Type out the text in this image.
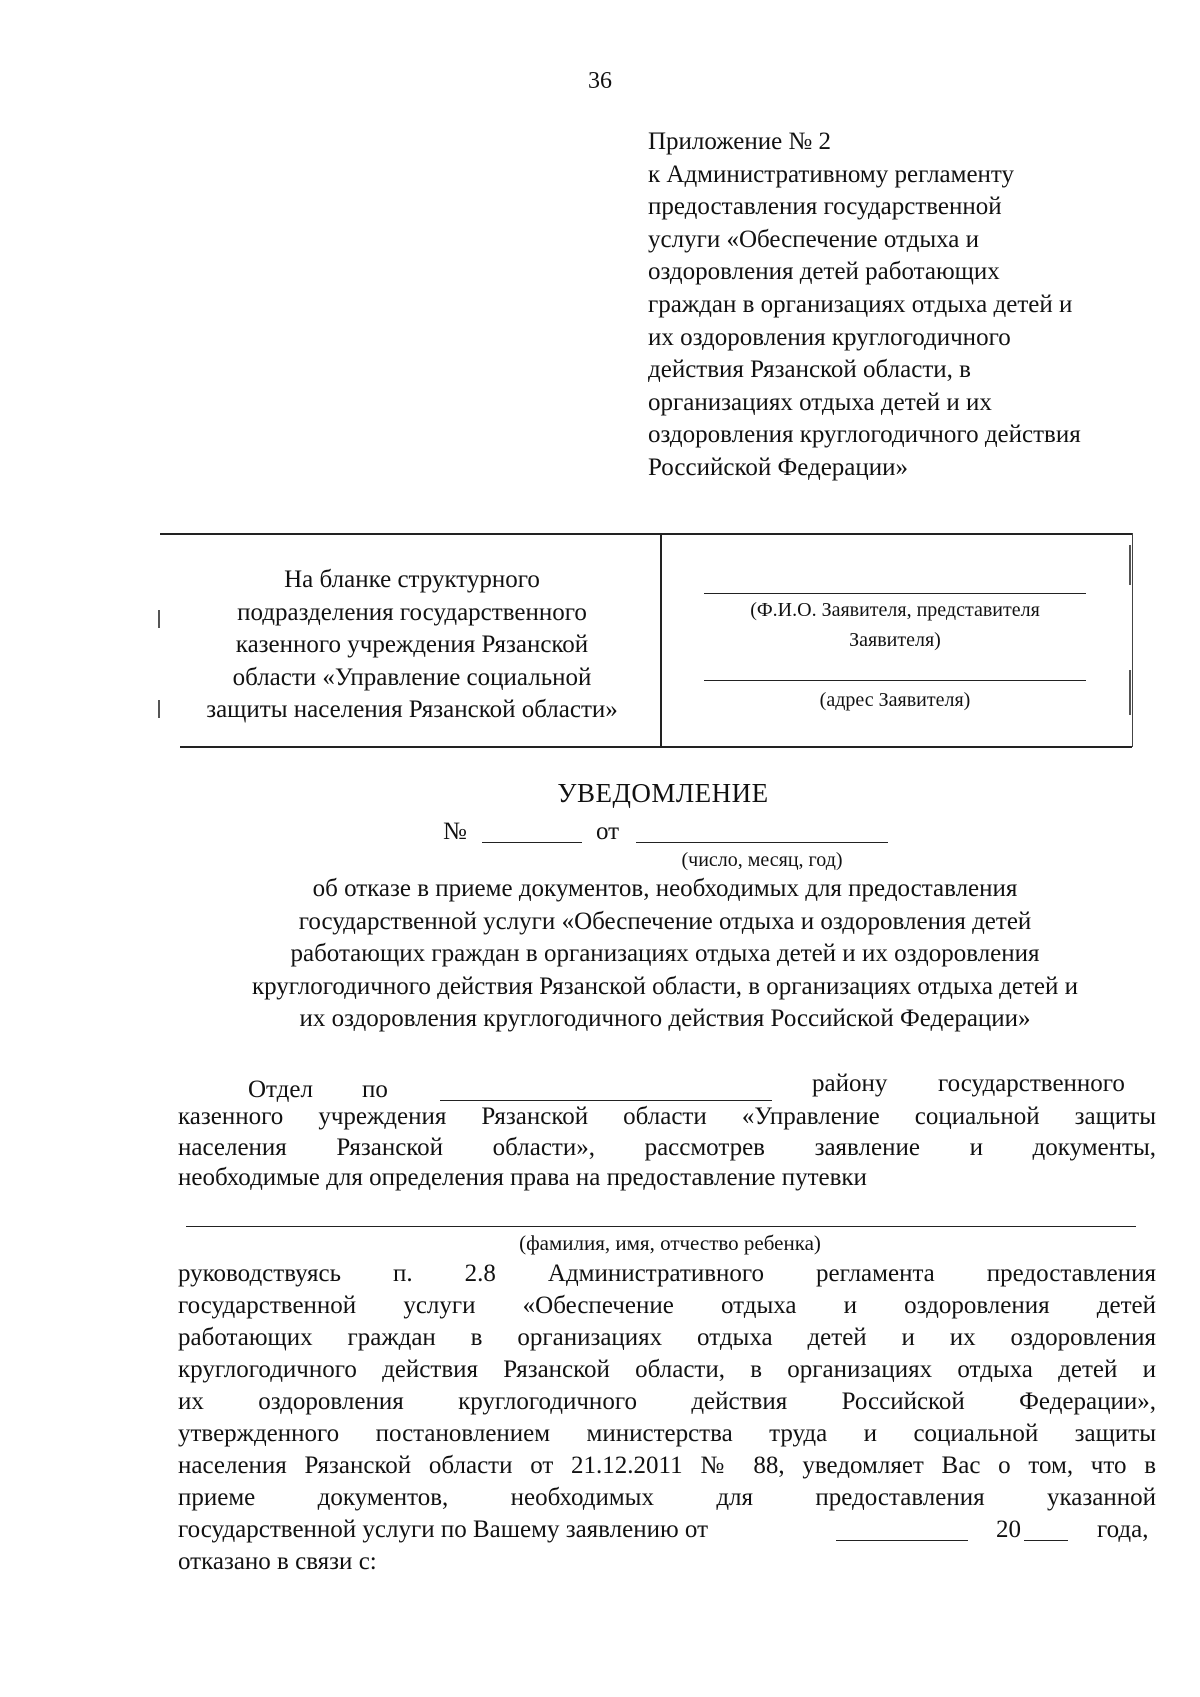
36
Приложение № 2
к Административному регламенту
предоставления государственной
услуги «Обеспечение отдыха и
оздоровления детей работающих
граждан в организациях отдыха детей и
их оздоровления круглогодичного
действия Рязанской области, в
организациях отдыха детей и их
оздоровления круглогодичного действия
Российской Федерации»
На бланке структурного
подразделения государственного
казенного учреждения Рязанской
области «Управление социальной
защиты населения Рязанской области»
(Ф.И.О. Заявителя, представителя
Заявителя)
(адрес Заявителя)
УВЕДОМЛЕНИЕ
№	от
(число, месяц, год)
об отказе в приеме документов, необходимых для предоставления
государственной услуги «Обеспечение отдыха и оздоровления детей
работающих граждан в организациях отдыха детей и их оздоровления
круглогодичного действия Рязанской области, в организациях отдыха детей и
их оздоровления круглогодичного действия Российской Федерации»
Отдел по	району государственного
казенного учреждения Рязанской области «Управление социальной защиты
населения Рязанской области», рассмотрев заявление и документы,
необходимые для определения права на предоставление путевки
(фамилия, имя, отчество ребенка)
руководствуясь п. 2.8 Административного регламента предоставления
государственной услуги «Обеспечение отдыха и оздоровления детей
работающих граждан в организациях отдыха детей и их оздоровления
круглогодичного действия Рязанской области, в организациях отдыха детей и
их оздоровления круглогодичного действия Российской Федерации»,
утвержденного постановлением министерства труда и социальной защиты
населения Рязанской области от 21.12.2011 № 88, уведомляет Вас о том, что в
приеме документов, необходимых для предоставления указанной
государственной услуги по Вашему заявлению от	20	года,
отказано в связи с:
